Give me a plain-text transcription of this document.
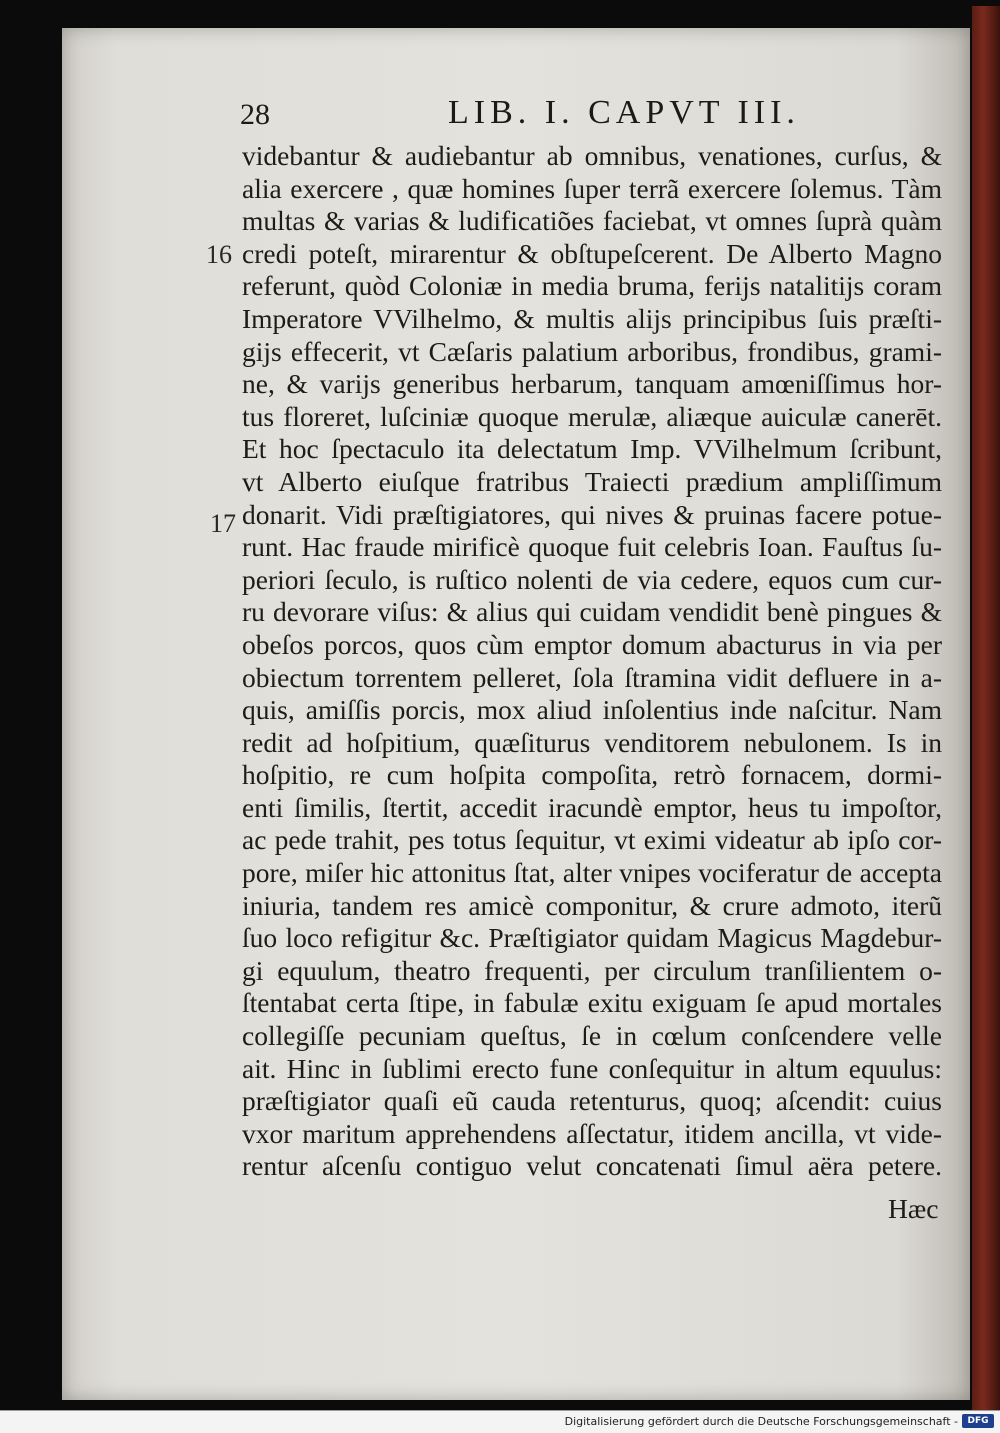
28	LIB. I. CAPVT III.
16
17
videbantur & audiebantur ab omnibus, venationes, curſus, &
alia exercere , quæ homines ſuper terrã exercere ſolemus. Tàm
multas & varias & ludificatiões faciebat, vt omnes ſuprà quàm
credi poteſt, mirarentur & obſtupeſcerent. De Alberto Magno
referunt, quòd Coloniæ in media bruma, ferijs natalitijs coram
Imperatore VVilhelmo, & multis alijs principibus ſuis præſti-
gijs effecerit, vt Cæſaris palatium arboribus, frondibus, grami-
ne, & varijs generibus herbarum, tanquam amœniſſimus hor-
tus floreret, luſciniæ quoque merulæ, aliæque auiculæ canerēt.
Et hoc ſpectaculo ita delectatum Imp. VVilhelmum ſcribunt,
vt Alberto eiuſque fratribus Traiecti prædium ampliſſimum
donarit. Vidi præſtigiatores, qui nives & pruinas facere potue-
runt. Hac fraude mirificè quoque fuit celebris Ioan. Fauſtus ſu-
periori ſeculo, is ruſtico nolenti de via cedere, equos cum cur-
ru devorare viſus: & alius qui cuidam vendidit benè pingues &
obeſos porcos, quos cùm emptor domum abacturus in via per
obiectum torrentem pelleret, ſola ſtramina vidit defluere in a-
quis, amiſſis porcis, mox aliud inſolentius inde naſcitur. Nam
redit ad hoſpitium, quæſiturus venditorem nebulonem. Is in
hoſpitio, re cum hoſpita compoſita, retrò fornacem, dormi-
enti ſimilis, ſtertit, accedit iracundè emptor, heus tu impoſtor,
ac pede trahit, pes totus ſequitur, vt eximi videatur ab ipſo cor-
pore, miſer hic attonitus ſtat, alter vnipes vociferatur de accepta
iniuria, tandem res amicè componitur, & crure admoto, iterũ
ſuo loco refigitur &c. Præſtigiator quidam Magicus Magdebur-
gi equulum, theatro frequenti, per circulum tranſilientem o-
ſtentabat certa ſtipe, in fabulæ exitu exiguam ſe apud mortales
collegiſſe pecuniam queſtus, ſe in cœlum conſcendere velle
ait. Hinc in ſublimi erecto fune conſequitur in altum equulus:
præſtigiator quaſi eũ cauda retenturus, quoq; aſcendit: cuius
vxor maritum apprehendens aſſectatur, itidem ancilla, vt vide-
rentur aſcenſu contiguo velut concatenati ſimul aëra petere.
Hæc
Digitalisierung gefördert durch die Deutsche Forschungsgemeinschaft -	DFG
